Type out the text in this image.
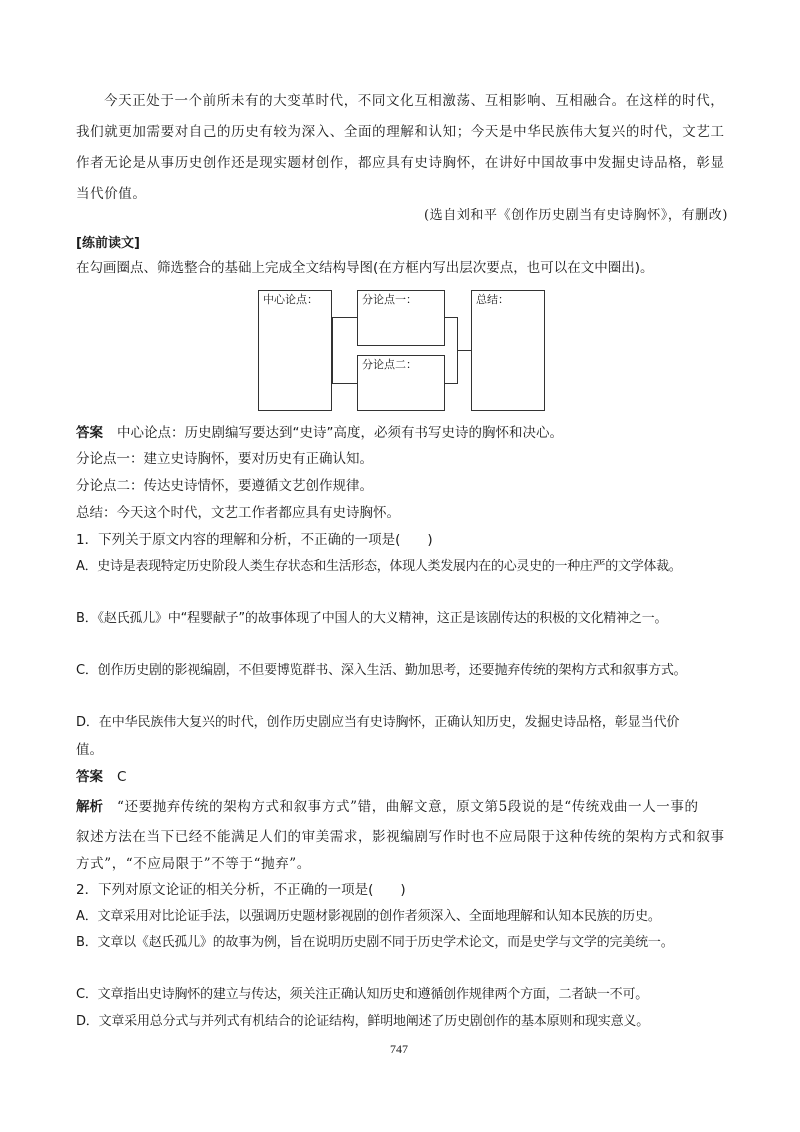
今天正处于一个前所未有的大变革时代，不同文化互相激荡、互相影响、互相融合。在这样的时代，
我们就更加需要对自己的历史有较为深入、全面的理解和认知；今天是中华民族伟大复兴的时代，文艺工
作者无论是从事历史创作还是现实题材创作，都应具有史诗胸怀，在讲好中国故事中发掘史诗品格，彰显
当代价值。
(选自刘和平《创作历史剧当有史诗胸怀》，有删改)
[练前读文]
在勾画圈点、筛选整合的基础上完成全文结构导图(在方框内写出层次要点，也可以在文中圈出)。
中心论点：	分论点一：
分论点二：
总结：
答案 中心论点：历史剧编写要达到“史诗”高度，必须有书写史诗的胸怀和决心。
分论点一：建立史诗胸怀，要对历史有正确认知。
分论点二：传达史诗情怀，要遵循文艺创作规律。
总结：今天这个时代，文艺工作者都应具有史诗胸怀。
1．下列关于原文内容的理解和分析，不正确的一项是(　　)
A．史诗是表现特定历史阶段人类生存状态和生活形态，体现人类发展内在的心灵史的一种庄严的文学体裁。
B．《赵氏孤儿》中“程婴献子”的故事体现了中国人的大义精神，这正是该剧传达的积极的文化精神之一。
C．创作历史剧的影视编剧，不但要博览群书、深入生活、勤加思考，还要抛弃传统的架构方式和叙事方式。
D．在中华民族伟大复兴的时代，创作历史剧应当有史诗胸怀，正确认知历史，发掘史诗品格，彰显当代价
值。
答案 C
解析 “还要抛弃传统的架构方式和叙事方式”错，曲解文意，原文第5段说的是“传统戏曲一人一事的
叙述方法在当下已经不能满足人们的审美需求，影视编剧写作时也不应局限于这种传统的架构方式和叙事
方式”，“不应局限于”不等于“抛弃”。
2．下列对原文论证的相关分析，不正确的一项是(　　)
A．文章采用对比论证手法，以强调历史题材影视剧的创作者须深入、全面地理解和认知本民族的历史。
B．文章以《赵氏孤儿》的故事为例，旨在说明历史剧不同于历史学术论文，而是史学与文学的完美统一。
C．文章指出史诗胸怀的建立与传达，须关注正确认知历史和遵循创作规律两个方面，二者缺一不可。
D．文章采用总分式与并列式有机结合的论证结构，鲜明地阐述了历史剧创作的基本原则和现实意义。
747
